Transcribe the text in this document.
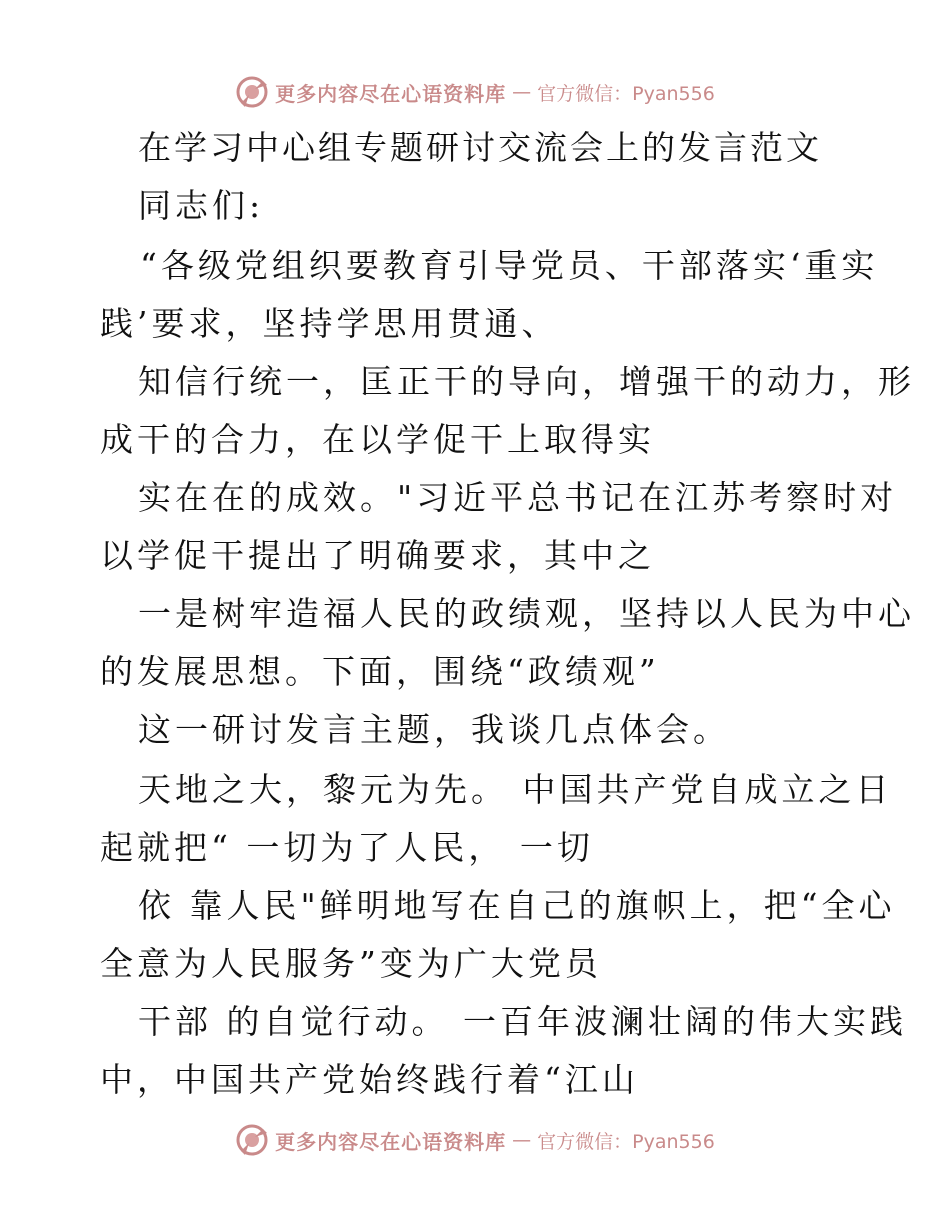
更多内容尽在心语资料库 — 官方微信：Pyan556
在学习中心组专题研讨交流会上的发言范文
同志们:
“各级党组织要教育引导党员、干部落实‘重实
践’要求，坚持学思用贯通、
知信行统一，匡正干的导向，增强干的动力，形
成干的合力，在以学促干上取得实
实在在的成效。"习近平总书记在江苏考察时对
以学促干提出了明确要求，其中之
一是树牢造福人民的政绩观，坚持以人民为中心
的发展思想。下面，围绕“政绩观”
这一研讨发言主题，我谈几点体会。
天地之大，黎元为先。 中国共产党自成立之日
起就把“ 一切为了人民， 一切
依 靠人民"鲜明地写在自己的旗帜上，把“全心
全意为人民服务”变为广大党员
干部 的自觉行动。 一百年波澜壮阔的伟大实践
中，中国共产党始终践行着“江山
更多内容尽在心语资料库 — 官方微信：Pyan556
